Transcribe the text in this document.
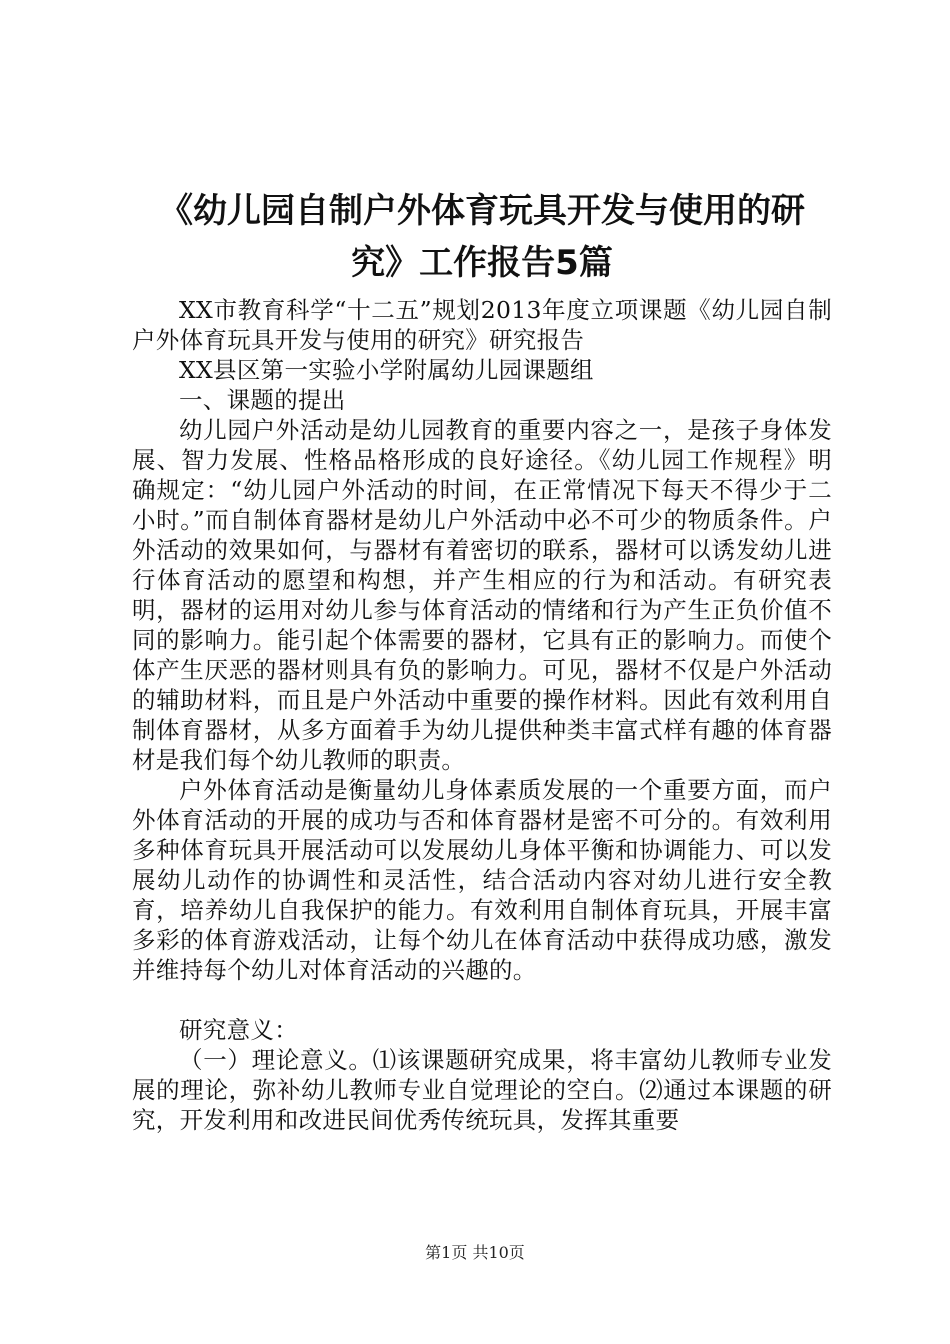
《幼儿园自制户外体育玩具开发与使用的研
究》工作报告5篇

XX市教育科学“十二五”规划2013年度立项课题《幼儿园自制户外体育玩具开发与使用的研究》研究报告

XX县区第一实验小学附属幼儿园课题组

一、课题的提出

幼儿园户外活动是幼儿园教育的重要内容之一，是孩子身体发展、智力发展、性格品格形成的良好途径。《幼儿园工作规程》明确规定：“幼儿园户外活动的时间，在正常情况下每天不得少于二小时。”而自制体育器材是幼儿户外活动中必不可少的物质条件。户外活动的效果如何，与器材有着密切的联系，器材可以诱发幼儿进行体育活动的愿望和构想，并产生相应的行为和活动。有研究表明，器材的运用对幼儿参与体育活动的情绪和行为产生正负价值不同的影响力。能引起个体需要的器材，它具有正的影响力。而使个体产生厌恶的器材则具有负的影响力。可见，器材不仅是户外活动的辅助材料，而且是户外活动中重要的操作材料。因此有效利用自制体育器材，从多方面着手为幼儿提供种类丰富式样有趣的体育器材是我们每个幼儿教师的职责。

户外体育活动是衡量幼儿身体素质发展的一个重要方面，而户外体育活动的开展的成功与否和体育器材是密不可分的。有效利用多种体育玩具开展活动可以发展幼儿身体平衡和协调能力、可以发展幼儿动作的协调性和灵活性，结合活动内容对幼儿进行安全教育，培养幼儿自我保护的能力。有效利用自制体育玩具，开展丰富多彩的体育游戏活动，让每个幼儿在体育活动中获得成功感，激发并维持每个幼儿对体育活动的兴趣的。

研究意义：

（一）理论意义。⑴该课题研究成果，将丰富幼儿教师专业发展的理论，弥补幼儿教师专业自觉理论的空白。⑵通过本课题的研究，开发利用和改进民间优秀传统玩具，发挥其重要

第1页 共10页
